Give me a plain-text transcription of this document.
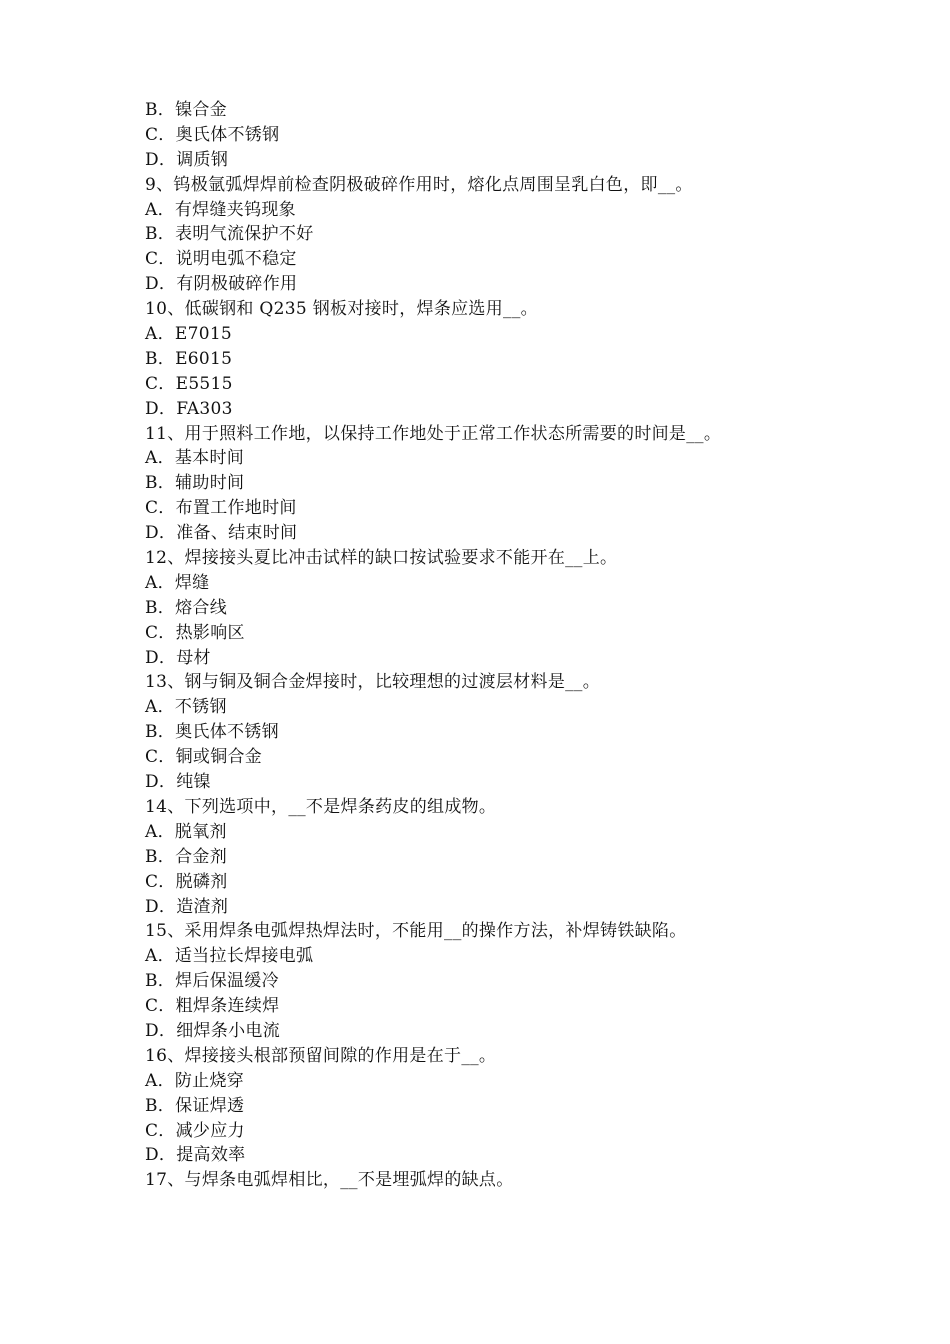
B．镍合金
C．奥氏体不锈钢
D．调质钢
9、钨极氩弧焊焊前检查阴极破碎作用时，熔化点周围呈乳白色，即__。
A．有焊缝夹钨现象
B．表明气流保护不好
C．说明电弧不稳定
D．有阴极破碎作用
10、低碳钢和 Q235 钢板对接时，焊条应选用__。
A．E7015
B．E6015
C．E5515
D．FA303
11、用于照料工作地，以保持工作地处于正常工作状态所需要的时间是__。
A．基本时间
B．辅助时间
C．布置工作地时间
D．准备、结束时间
12、焊接接头夏比冲击试样的缺口按试验要求不能开在__上。
A．焊缝
B．熔合线
C．热影响区
D．母材
13、钢与铜及铜合金焊接时，比较理想的过渡层材料是__。
A．不锈钢
B．奥氏体不锈钢
C．铜或铜合金
D．纯镍
14、下列选项中，__不是焊条药皮的组成物。
A．脱氧剂
B．合金剂
C．脱磷剂
D．造渣剂
15、采用焊条电弧焊热焊法时，不能用__的操作方法，补焊铸铁缺陷。
A．适当拉长焊接电弧
B．焊后保温缓冷
C．粗焊条连续焊
D．细焊条小电流
16、焊接接头根部预留间隙的作用是在于__。
A．防止烧穿
B．保证焊透
C．减少应力
D．提高效率
17、与焊条电弧焊相比，__不是埋弧焊的缺点。
